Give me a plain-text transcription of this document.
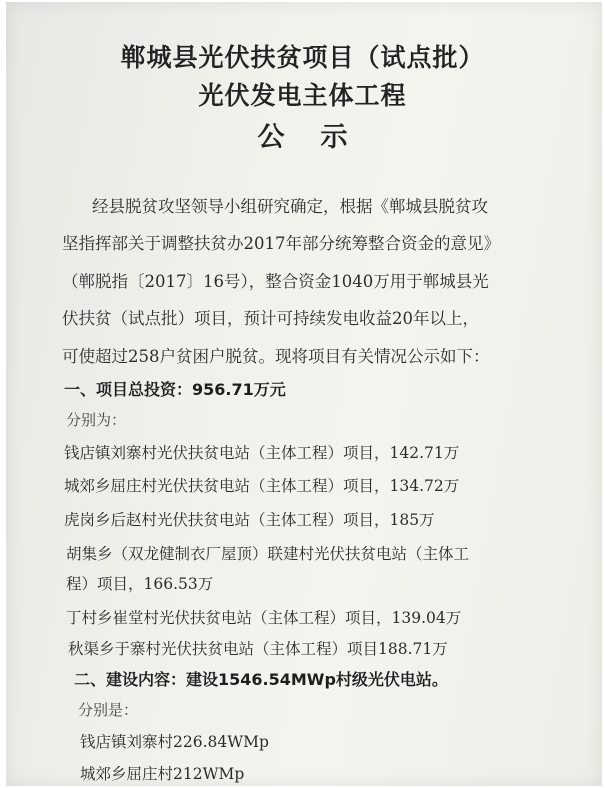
郸城县光伏扶贫项目（试点批）
光伏发电主体工程
公示
经县脱贫攻坚领导小组研究确定，根据《郸城县脱贫攻
坚指挥部关于调整扶贫办2017年部分统筹整合资金的意见》
（郸脱指〔2017〕16号），整合资金1040万用于郸城县光
伏扶贫（试点批）项目，预计可持续发电收益20年以上，
可使超过258户贫困户脱贫。现将项目有关情况公示如下：
一、项目总投资：956.71万元
分别为：
钱店镇刘寨村光伏扶贫电站（主体工程）项目，142.71万
城郊乡屈庄村光伏扶贫电站（主体工程）项目，134.72万
虎岗乡后赵村光伏扶贫电站（主体工程）项目，185万
胡集乡（双龙健制衣厂屋顶）联建村光伏扶贫电站（主体工
程）项目，166.53万
丁村乡崔堂村光伏扶贫电站（主体工程）项目，139.04万
秋渠乡于寨村光伏扶贫电站（主体工程）项目188.71万
二、建设内容：建设1546.54MWp村级光伏电站。
分别是：
钱店镇刘寨村226.84WMp
城郊乡屈庄村212WMp
